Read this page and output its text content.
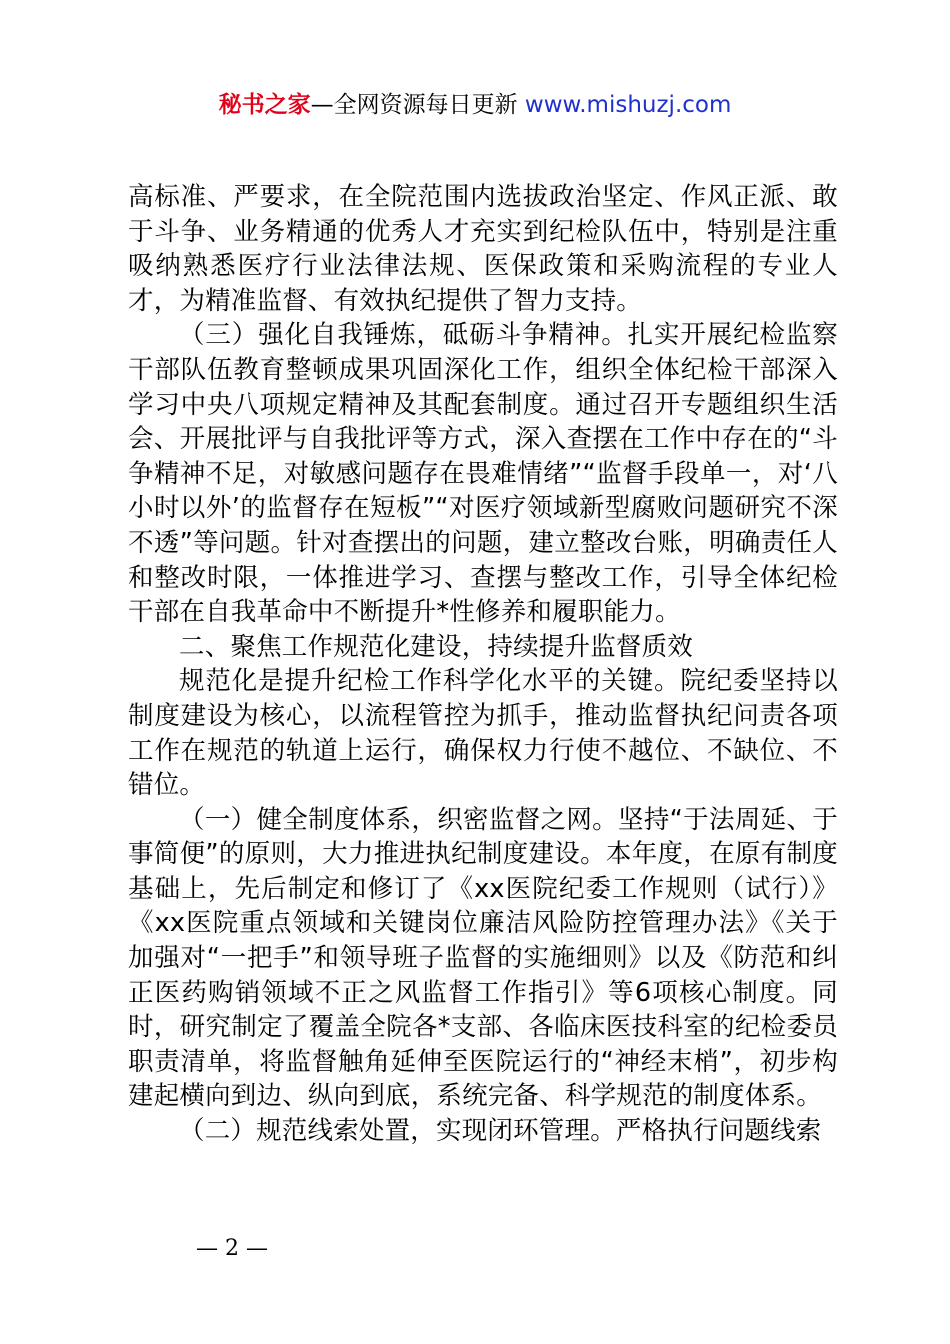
秘书之家—全网资源每日更新 www.mishuzj.com

高标准、严要求，在全院范围内选拔政治坚定、作风正派、敢于斗争、业务精通的优秀人才充实到纪检队伍中，特别是注重吸纳熟悉医疗行业法律法规、医保政策和采购流程的专业人才，为精准监督、有效执纪提供了智力支持。

（三）强化自我锤炼，砥砺斗争精神。扎实开展纪检监察干部队伍教育整顿成果巩固深化工作，组织全体纪检干部深入学习中央八项规定精神及其配套制度。通过召开专题组织生活会、开展批评与自我批评等方式，深入查摆在工作中存在的“斗争精神不足，对敏感问题存在畏难情绪”“监督手段单一，对‘八小时以外’的监督存在短板”“对医疗领域新型腐败问题研究不深不透”等问题。针对查摆出的问题，建立整改台账，明确责任人和整改时限，一体推进学习、查摆与整改工作，引导全体纪检干部在自我革命中不断提升*性修养和履职能力。

二、聚焦工作规范化建设，持续提升监督质效

规范化是提升纪检工作科学化水平的关键。院纪委坚持以制度建设为核心，以流程管控为抓手，推动监督执纪问责各项工作在规范的轨道上运行，确保权力行使不越位、不缺位、不错位。

（一）健全制度体系，织密监督之网。坚持“于法周延、于事简便”的原则，大力推进执纪制度建设。本年度，在原有制度基础上，先后制定和修订了《xx医院纪委工作规则（试行）》《xx医院重点领域和关键岗位廉洁风险防控管理办法》《关于加强对“一把手”和领导班子监督的实施细则》以及《防范和纠正医药购销领域不正之风监督工作指引》等6项核心制度。同时，研究制定了覆盖全院各*支部、各临床医技科室的纪检委员职责清单，将监督触角延伸至医院运行的“神经末梢”，初步构建起横向到边、纵向到底，系统完备、科学规范的制度体系。

（二）规范线索处置，实现闭环管理。严格执行问题线索

— 2 —
